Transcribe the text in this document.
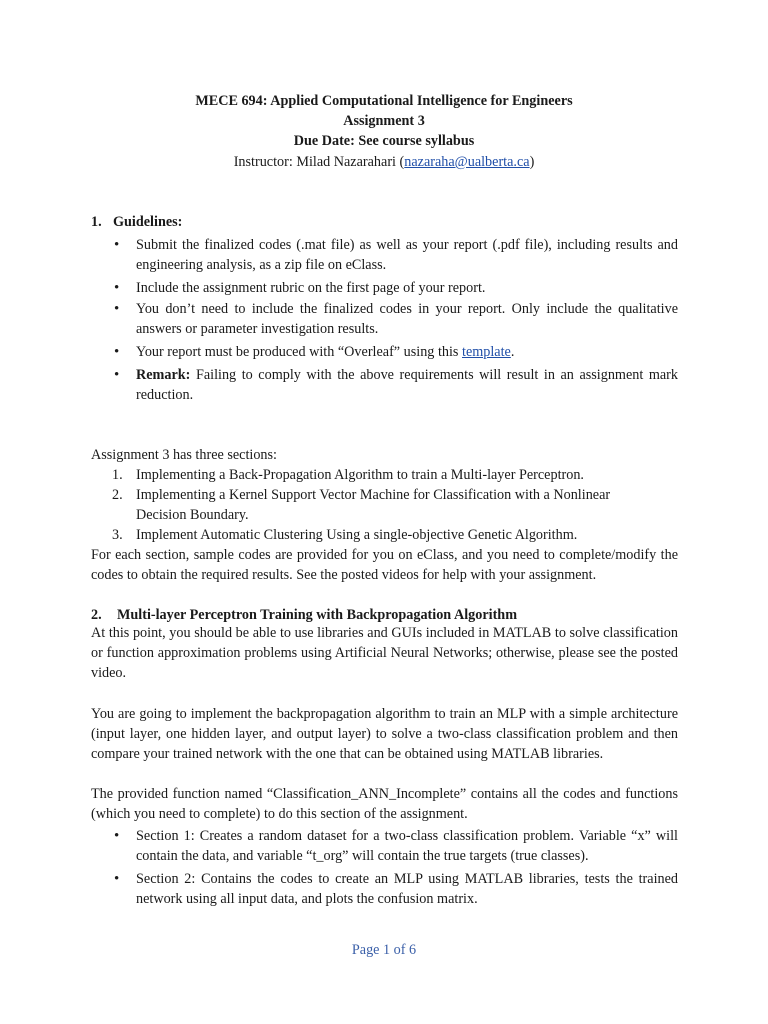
MECE 694: Applied Computational Intelligence for Engineers
Assignment 3
Due Date: See course syllabus
Instructor: Milad Nazarahari (nazaraha@ualberta.ca)
1. Guidelines:
• Submit the finalized codes (.mat file) as well as your report (.pdf file), including results and engineering analysis, as a zip file on eClass.
• Include the assignment rubric on the first page of your report.
• You don’t need to include the finalized codes in your report. Only include the qualitative answers or parameter investigation results.
• Your report must be produced with “Overleaf” using this template.
• Remark: Failing to comply with the above requirements will result in an assignment mark reduction.
Assignment 3 has three sections:
1. Implementing a Back-Propagation Algorithm to train a Multi-layer Perceptron.
2. Implementing a Kernel Support Vector Machine for Classification with a Nonlinear Decision Boundary.
3. Implement Automatic Clustering Using a single-objective Genetic Algorithm.
For each section, sample codes are provided for you on eClass, and you need to complete/modify the codes to obtain the required results. See the posted videos for help with your assignment.
2. Multi-layer Perceptron Training with Backpropagation Algorithm
At this point, you should be able to use libraries and GUIs included in MATLAB to solve classification or function approximation problems using Artificial Neural Networks; otherwise, please see the posted video.
You are going to implement the backpropagation algorithm to train an MLP with a simple architecture (input layer, one hidden layer, and output layer) to solve a two-class classification problem and then compare your trained network with the one that can be obtained using MATLAB libraries.
The provided function named “Classification_ANN_Incomplete” contains all the codes and functions (which you need to complete) to do this section of the assignment.
• Section 1: Creates a random dataset for a two-class classification problem. Variable “x” will contain the data, and variable “t_org” will contain the true targets (true classes).
• Section 2: Contains the codes to create an MLP using MATLAB libraries, tests the trained network using all input data, and plots the confusion matrix.
Page 1 of 6
